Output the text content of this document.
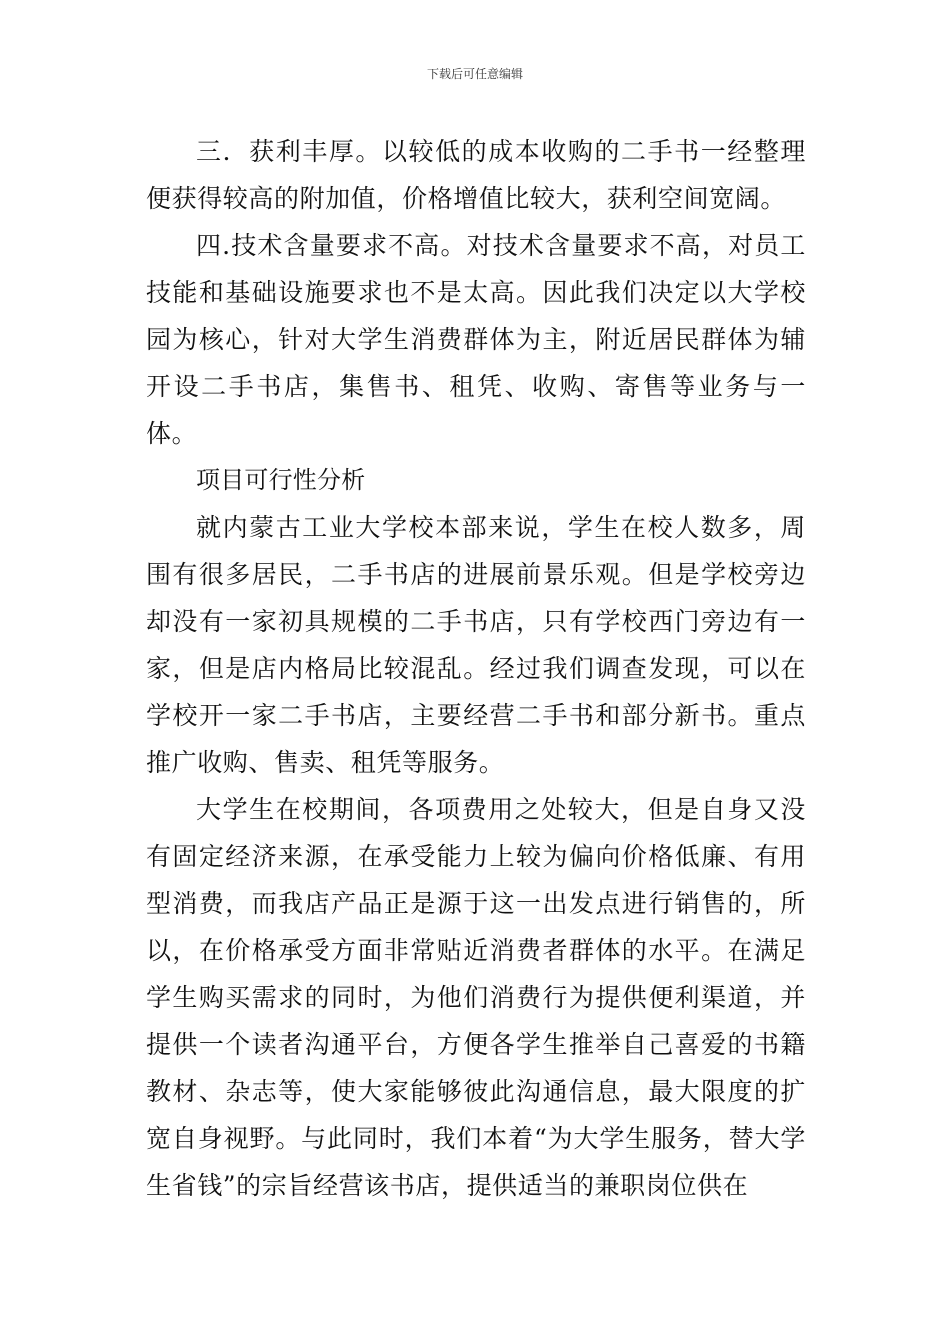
下载后可任意编辑

三．获利丰厚。以较低的成本收购的二手书一经整理便获得较高的附加值，价格增值比较大，获利空间宽阔。

四.技术含量要求不高。对技术含量要求不高，对员工技能和基础设施要求也不是太高。因此我们决定以大学校园为核心，针对大学生消费群体为主，附近居民群体为辅开设二手书店，集售书、租凭、收购、寄售等业务与一体。

项目可行性分析

就内蒙古工业大学校本部来说，学生在校人数多，周围有很多居民，二手书店的进展前景乐观。但是学校旁边却没有一家初具规模的二手书店，只有学校西门旁边有一家，但是店内格局比较混乱。经过我们调查发现，可以在学校开一家二手书店，主要经营二手书和部分新书。重点推广收购、售卖、租凭等服务。

大学生在校期间，各项费用之处较大，但是自身又没有固定经济来源，在承受能力上较为偏向价格低廉、有用型消费，而我店产品正是源于这一出发点进行销售的，所以，在价格承受方面非常贴近消费者群体的水平。在满足学生购买需求的同时，为他们消费行为提供便利渠道，并提供一个读者沟通平台，方便各学生推举自己喜爱的书籍教材、杂志等，使大家能够彼此沟通信息，最大限度的扩宽自身视野。与此同时，我们本着“为大学生服务，替大学生省钱”的宗旨经营该书店，提供适当的兼职岗位供在
